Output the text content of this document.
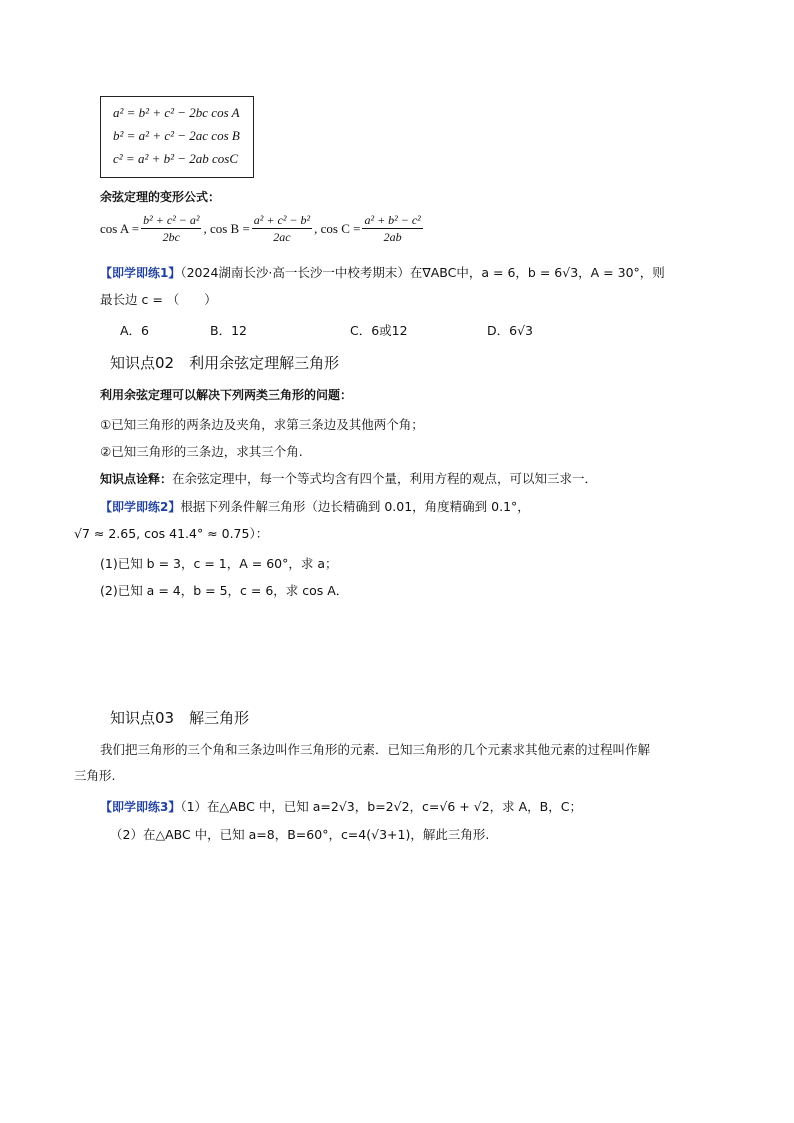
a² = b² + c² − 2bc cos A
b² = a² + c² − 2ac cos B
c² = a² + b² − 2ab cosC
余弦定理的变形公式：
$\cos A = \frac{\text{b² + c² − a²}}{2bc}$ , $\cos B = \frac{\text{a² + c² − b²}}{2ac}$ , $\cos C = \frac{\text{a² + b² − c²}}{2ab}$
【即学即练1】（2024湖南长沙·高一长沙一中校考期末）在∇ABC中，a = 6，b = 6√3，A = 30°，则
最长边 c = （　　）
A．6	B．12	C．6或12	D．6√3
知识点02　利用余弦定理解三角形
利用余弦定理可以解决下列两类三角形的问题：
①已知三角形的两条边及夹角，求第三条边及其他两个角；
②已知三角形的三条边，求其三个角.
知识点诠释：在余弦定理中，每一个等式均含有四个量，利用方程的观点，可以知三求一．
【即学即练2】根据下列条件解三角形（边长精确到 0.01，角度精确到 0.1°，
√7 ≈ 2.65, cos 41.4° ≈ 0.75）：
(1)已知 b = 3，c = 1，A = 60°，求 a；
(2)已知 a = 4，b = 5，c = 6，求 cos A．
知识点03　解三角形
我们把三角形的三个角和三条边叫作三角形的元素．已知三角形的几个元素求其他元素的过程叫作解
三角形.
【即学即练3】（1）在△ABC 中，已知 a=2√3，b=2√2，c=√6 + √2，求 A，B，C；
（2）在△ABC 中，已知 a=8，B=60°，c=4(√3+1)，解此三角形.
